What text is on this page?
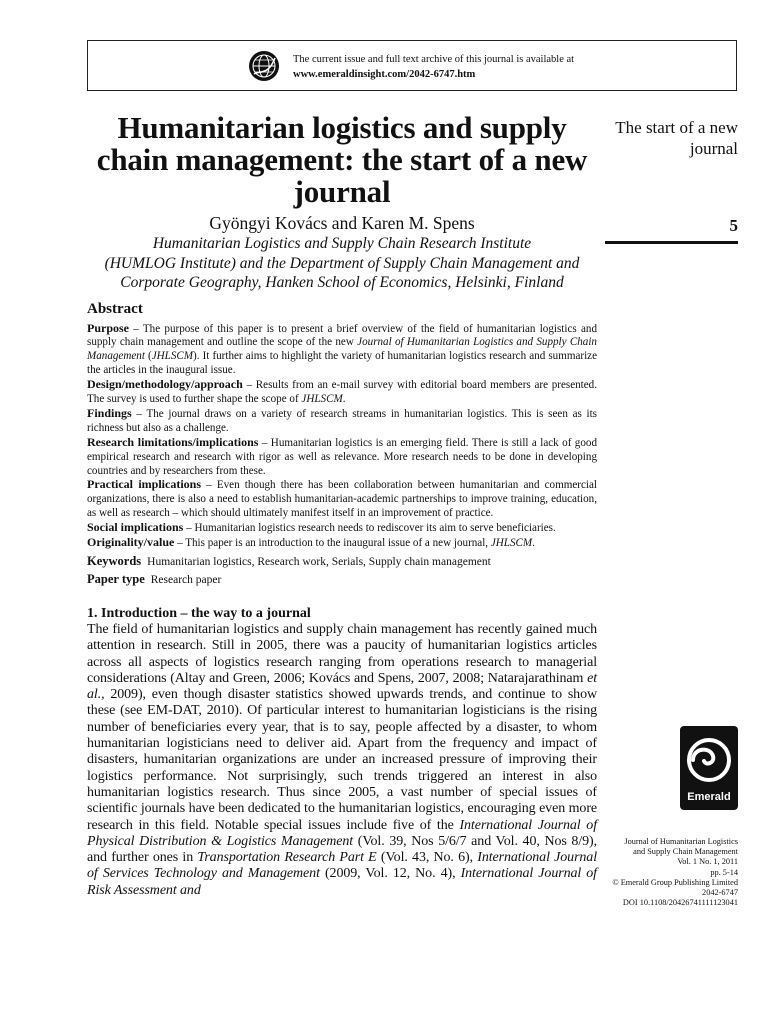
The current issue and full text archive of this journal is available at
www.emeraldinsight.com/2042-6747.htm
Humanitarian logistics and supply chain management: the start of a new journal
Gyöngyi Kovács and Karen M. Spens
Humanitarian Logistics and Supply Chain Research Institute
(HUMLOG Institute) and the Department of Supply Chain Management and
Corporate Geography, Hanken School of Economics, Helsinki, Finland
Abstract

Purpose – The purpose of this paper is to present a brief overview of the field of humanitarian logistics and supply chain management and outline the scope of the new Journal of Humanitarian Logistics and Supply Chain Management (JHLSCM). It further aims to highlight the variety of humanitarian logistics research and summarize the articles in the inaugural issue.

Design/methodology/approach – Results from an e-mail survey with editorial board members are presented. The survey is used to further shape the scope of JHLSCM.

Findings – The journal draws on a variety of research streams in humanitarian logistics. This is seen as its richness but also as a challenge.

Research limitations/implications – Humanitarian logistics is an emerging field. There is still a lack of good empirical research and research with rigor as well as relevance. More research needs to be done in developing countries and by researchers from these.

Practical implications – Even though there has been collaboration between humanitarian and commercial organizations, there is also a need to establish humanitarian-academic partnerships to improve training, education, as well as research – which should ultimately manifest itself in an improvement of practice.

Social implications – Humanitarian logistics research needs to rediscover its aim to serve beneficiaries.

Originality/value – This paper is an introduction to the inaugural issue of a new journal, JHLSCM.

Keywords Humanitarian logistics, Research work, Serials, Supply chain management
Paper type Research paper
1. Introduction – the way to a journal

The field of humanitarian logistics and supply chain management has recently gained much attention in research. Still in 2005, there was a paucity of humanitarian logistics articles across all aspects of logistics research ranging from operations research to managerial considerations (Altay and Green, 2006; Kovács and Spens, 2007, 2008; Natarajarathinam et al., 2009), even though disaster statistics showed upwards trends, and continue to show these (see EM-DAT, 2010). Of particular interest to humanitarian logisticians is the rising number of beneficiaries every year, that is to say, people affected by a disaster, to whom humanitarian logisticians need to deliver aid. Apart from the frequency and impact of disasters, humanitarian organizations are under an increased pressure of improving their logistics performance. Not surprisingly, such trends triggered an interest in also humanitarian logistics research. Thus since 2005, a vast number of special issues of scientific journals have been dedicated to the humanitarian logistics, encouraging even more research in this field. Notable special issues include five of the International Journal of Physical Distribution & Logistics Management (Vol. 39, Nos 5/6/7 and Vol. 40, Nos 8/9), and further ones in Transportation Research Part E (Vol. 43, No. 6), International Journal of Services Technology and Management (2009, Vol. 12, No. 4), International Journal of Risk Assessment and

The start of a new journal
5
Emerald
Journal of Humanitarian Logistics
and Supply Chain Management
Vol. 1 No. 1, 2011
pp. 5-14
© Emerald Group Publishing Limited
2042-6747
DOI 10.1108/20426741111123041
